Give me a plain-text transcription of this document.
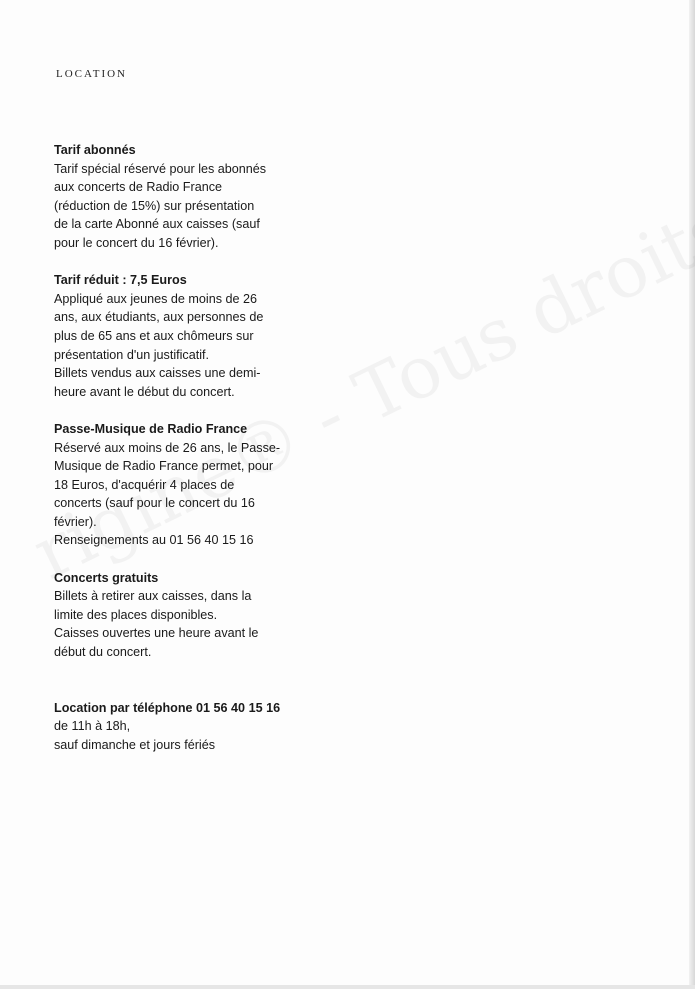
LOCATION
Tarif abonnés
Tarif spécial réservé pour les abonnés
aux concerts de Radio France
(réduction de 15%) sur présentation
de la carte Abonné aux caisses (sauf
pour le concert du 16 février).
Tarif réduit : 7,5 Euros
Appliqué aux jeunes de moins de 26
ans, aux étudiants, aux personnes de
plus de 65 ans et aux chômeurs sur
présentation d'un justificatif.
Billets vendus aux caisses une demi-
heure avant le début du concert.
Passe-Musique de Radio France
Réservé aux moins de 26 ans, le Passe-
Musique de Radio France permet, pour
18 Euros, d'acquérir 4 places de
concerts (sauf pour le concert du 16
février).
Renseignements au 01 56 40 15 16
Concerts gratuits
Billets à retirer aux caisses, dans la
limite des places disponibles.
Caisses ouvertes une heure avant le
début du concert.
Location par téléphone 01 56 40 15 16
de 11h à 18h,
sauf dimanche et jours fériés
